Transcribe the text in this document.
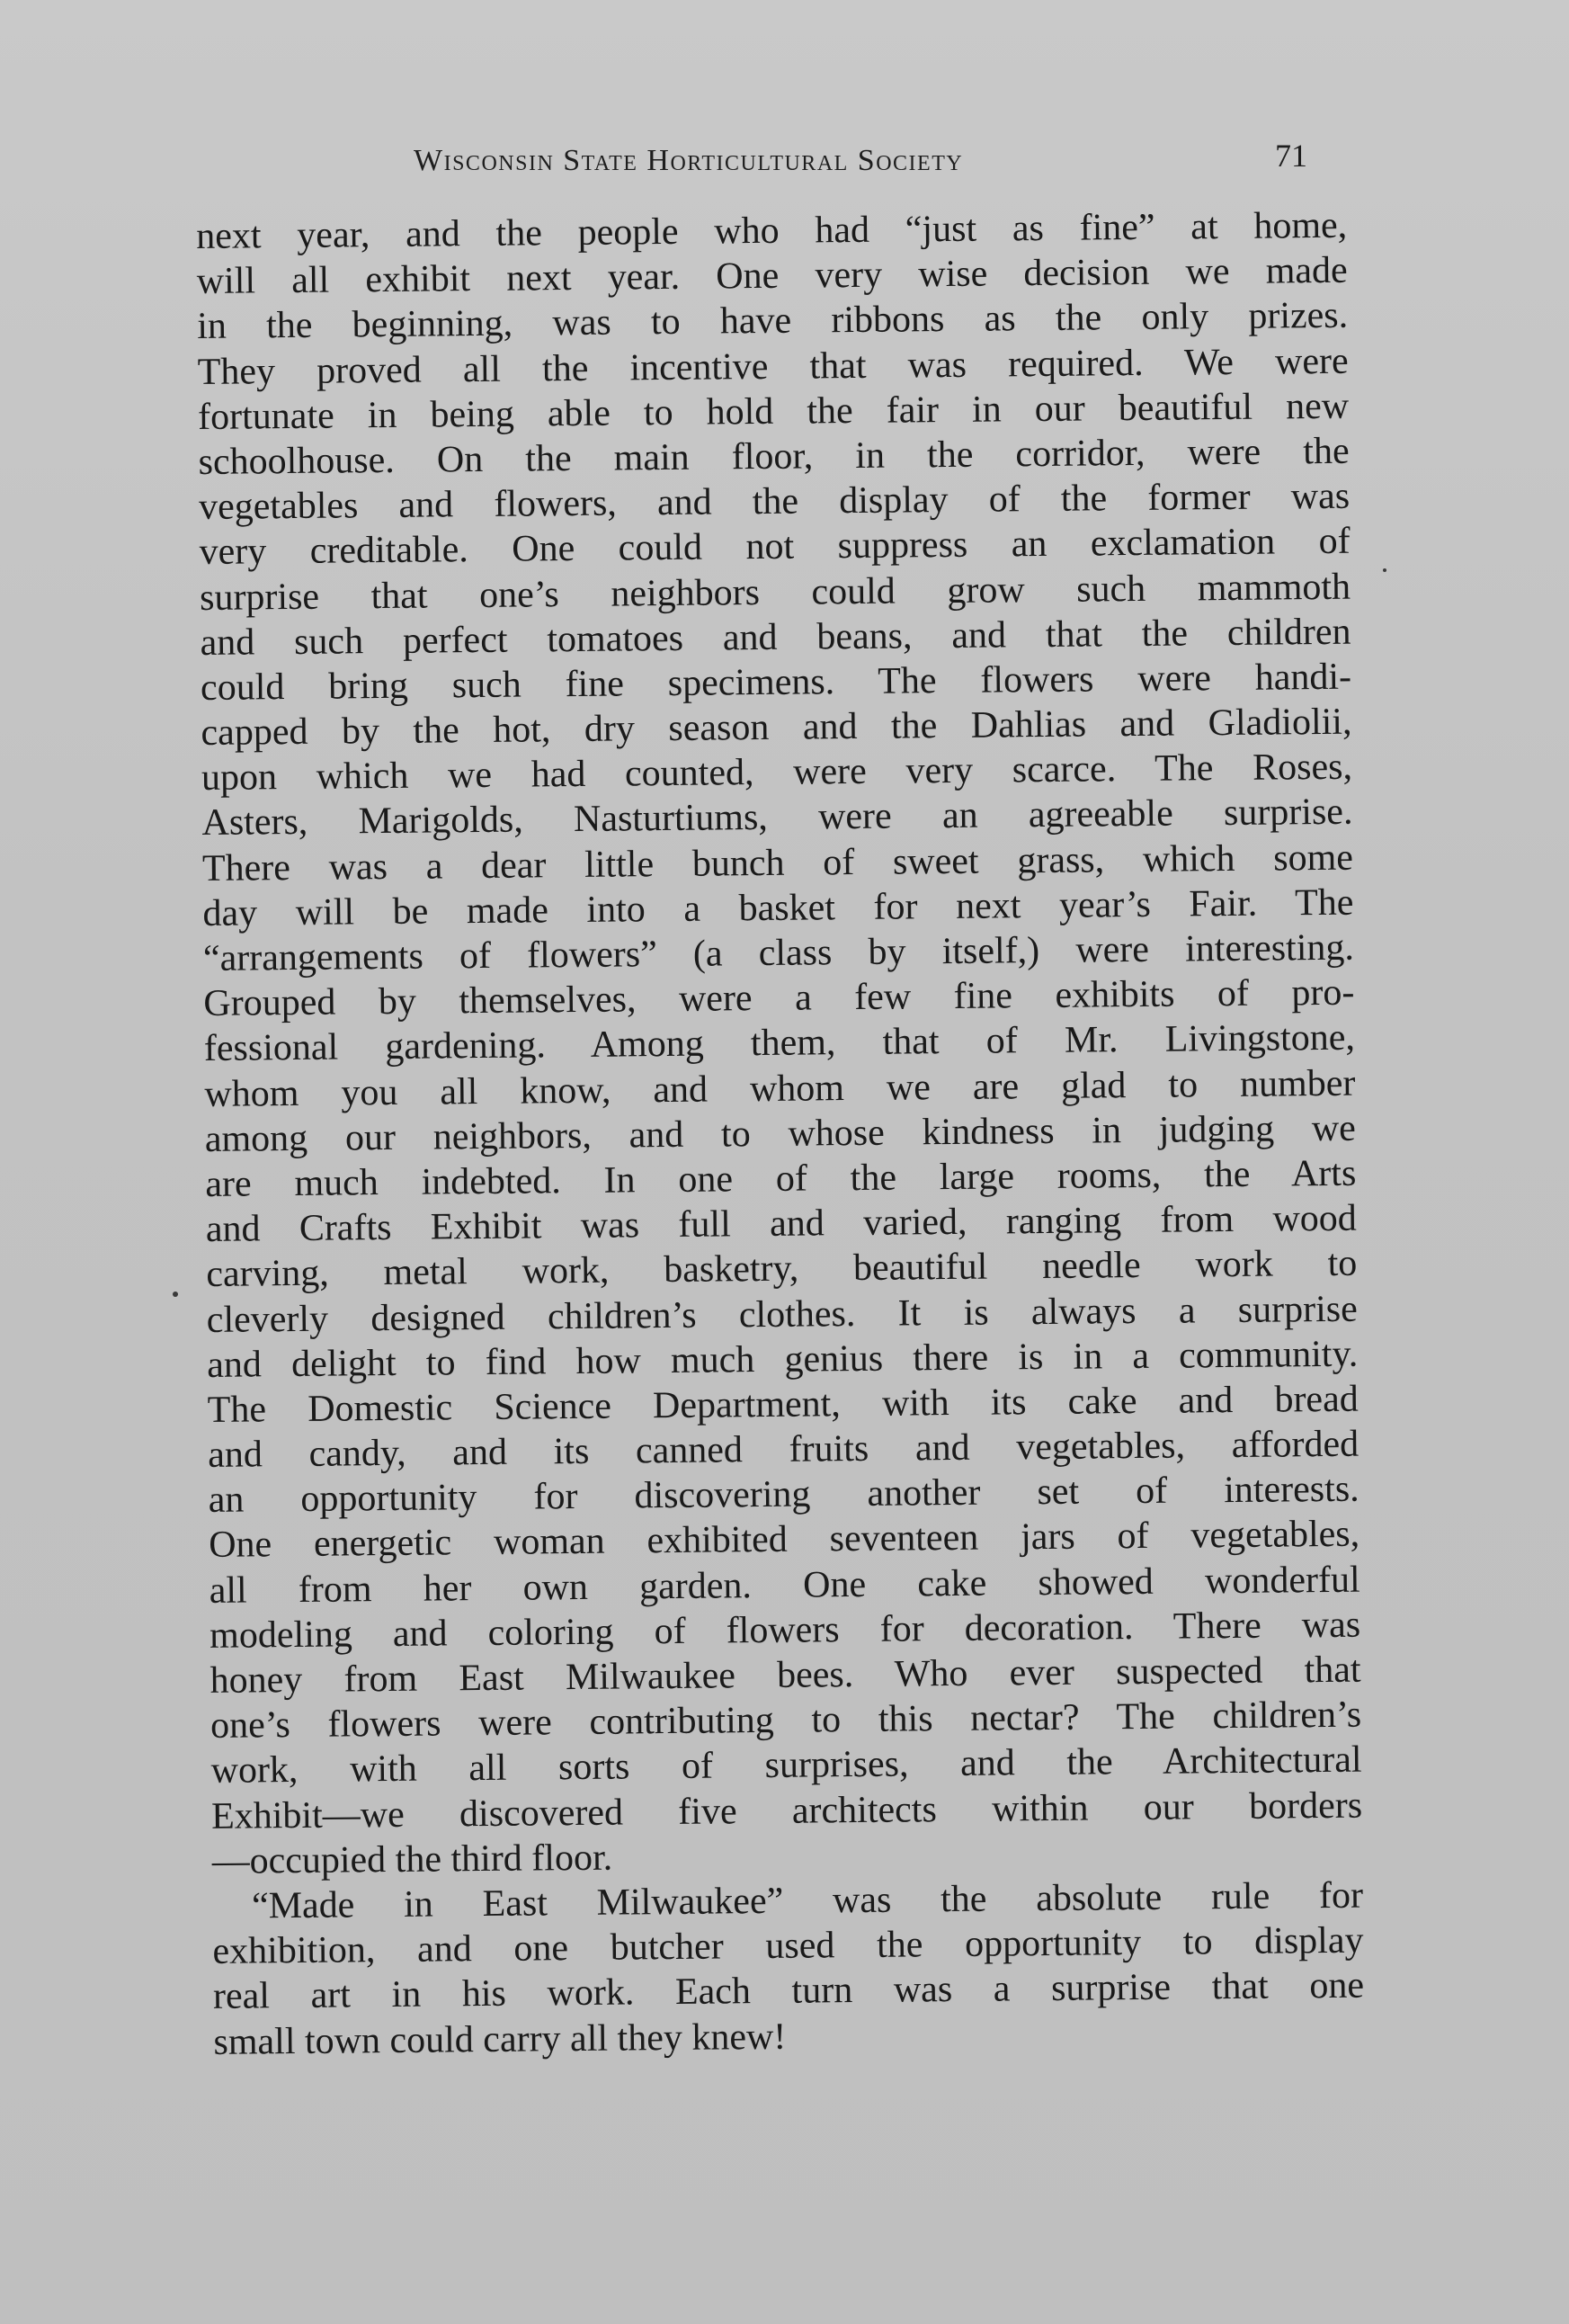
Wisconsin State Horticultural Society	71
next year, and the people who had “just as fine” at home,
will all exhibit next year. One very wise decision we made
in the beginning, was to have ribbons as the only prizes.
They proved all the incentive that was required. We were
fortunate in being able to hold the fair in our beautiful new
schoolhouse. On the main floor, in the corridor, were the
vegetables and flowers, and the display of the former was
very creditable. One could not suppress an exclamation of
surprise that one’s neighbors could grow such mammoth
and such perfect tomatoes and beans, and that the children
could bring such fine specimens. The flowers were handi-
capped by the hot, dry season and the Dahlias and Gladiolii,
upon which we had counted, were very scarce. The Roses,
Asters, Marigolds, Nasturtiums, were an agreeable surprise.
There was a dear little bunch of sweet grass, which some
day will be made into a basket for next year’s Fair. The
“arrangements of flowers” (a class by itself,) were interesting.
Grouped by themselves, were a few fine exhibits of pro-
fessional gardening. Among them, that of Mr. Livingstone,
whom you all know, and whom we are glad to number
among our neighbors, and to whose kindness in judging we
are much indebted. In one of the large rooms, the Arts
and Crafts Exhibit was full and varied, ranging from wood
carving, metal work, basketry, beautiful needle work to
cleverly designed children’s clothes. It is always a surprise
and delight to find how much genius there is in a community.
The Domestic Science Department, with its cake and bread
and candy, and its canned fruits and vegetables, afforded
an opportunity for discovering another set of interests.
One energetic woman exhibited seventeen jars of vegetables,
all from her own garden. One cake showed wonderful
modeling and coloring of flowers for decoration. There was
honey from East Milwaukee bees. Who ever suspected that
one’s flowers were contributing to this nectar? The children’s
work, with all sorts of surprises, and the Architectural
Exhibit—we discovered five architects within our borders
—occupied the third floor.
“Made in East Milwaukee” was the absolute rule for
exhibition, and one butcher used the opportunity to display
real art in his work. Each turn was a surprise that one
small town could carry all they knew!
